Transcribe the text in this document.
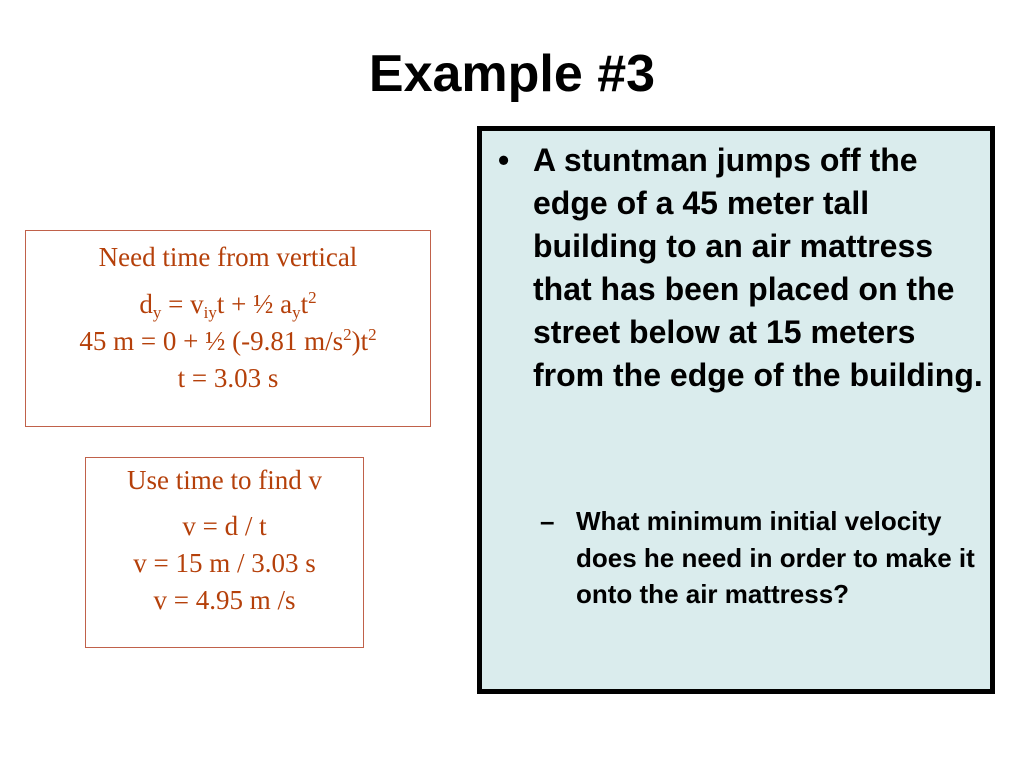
Example #3
Need time from vertical
$d_y = v_{iy}t$ + ½ $a_yt^2$
45 m = 0 + ½ (-9.81 $m/s^2)t^2$
t = 3.03 s
Use time to find v
v = d / t
v = 15 m / 3.03 s
v = 4.95 m /s
• A stuntman jumps off the edge of a 45 meter tall building to an air mattress that has been placed on the street below at 15 meters from the edge of the building.
– What minimum initial velocity does he need in order to make it onto the air mattress?
